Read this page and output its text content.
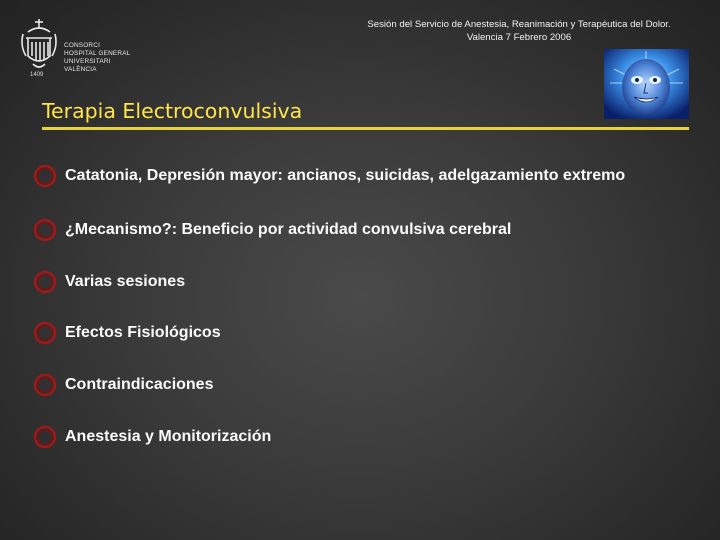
CONSORCI
HOSPITAL GENERAL
UNIVERSITARI
VALÈNCIA
1409
Sesión del Servicio de Anestesia, Reanimación y Terapéutica del Dolor.
Valencia 7 Febrero 2006
Terapia Electroconvulsiva
Catatonia, Depresión mayor: ancianos, suicidas, adelgazamiento extremo
¿Mecanismo?: Beneficio por actividad convulsiva cerebral
Varias sesiones
Efectos Fisiológicos
Contraindicaciones
Anestesia y Monitorización
